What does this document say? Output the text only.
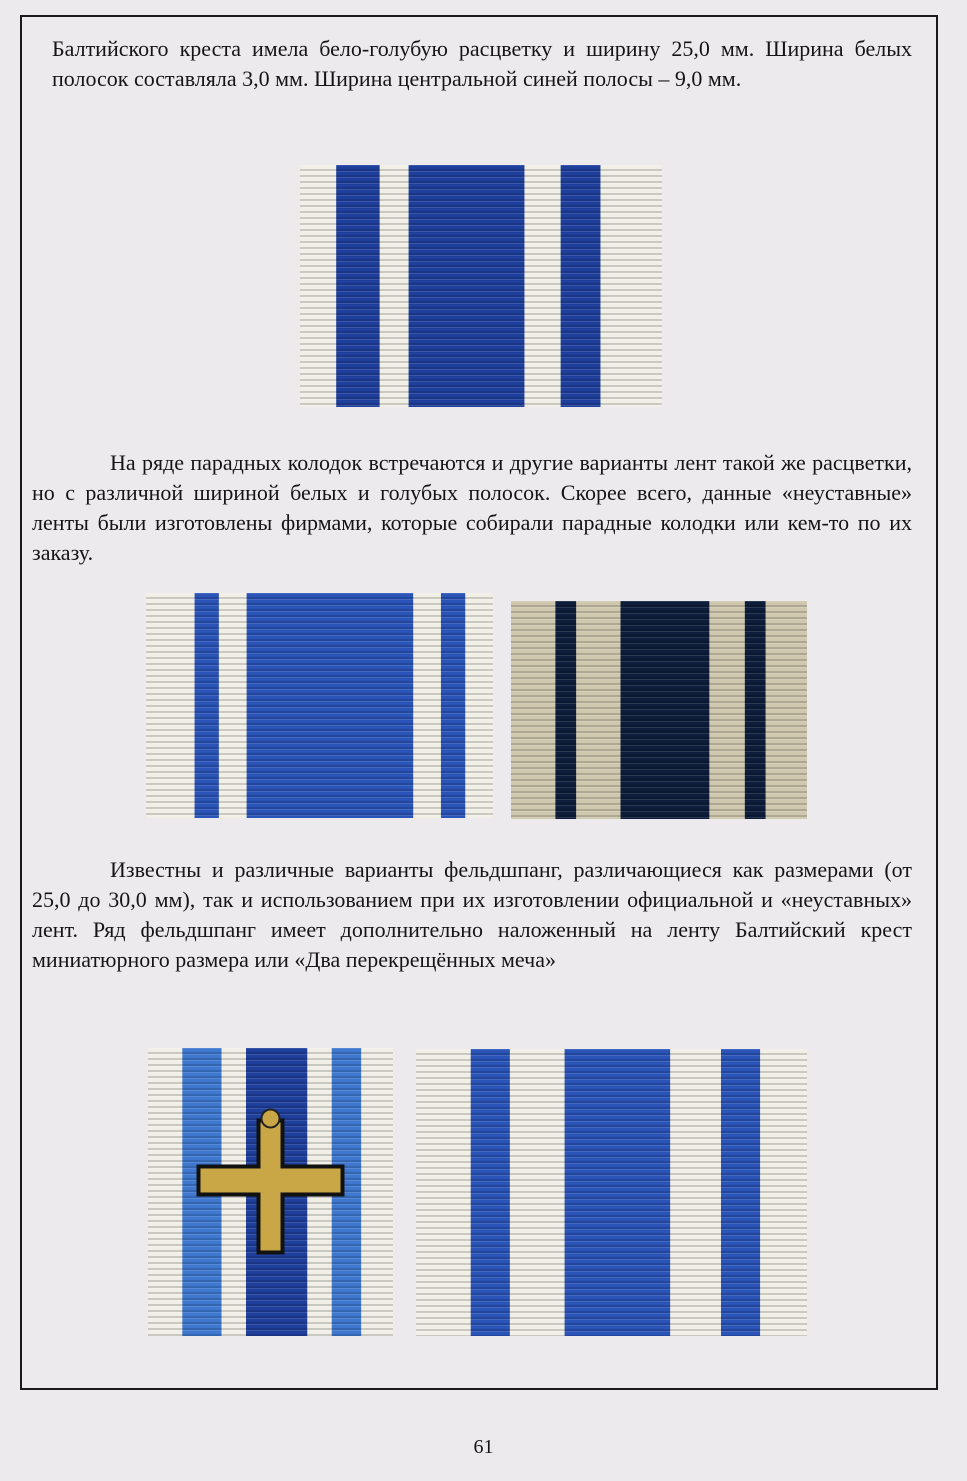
Балтийского креста имела бело-голубую расцветку и ширину 25,0 мм. Ширина белых полосок составляла 3,0 мм. Ширина центральной синей полосы – 9,0 мм.

На ряде парадных колодок встречаются и другие варианты лент такой же расцветки, но с различной шириной белых и голубых полосок. Скорее всего, данные «неуставные» ленты были изготовлены фирмами, которые собирали парадные колодки или кем-то по их заказу.

Известны и различные варианты фельдшпанг, различающиеся как размерами (от 25,0 до 30,0 мм), так и использованием при их изготовлении официальной и «неуставных» лент. Ряд фельдшпанг имеет дополнительно наложенный на ленту Балтийский крест миниатюрного размера или «Два перекрещённых меча»

61
